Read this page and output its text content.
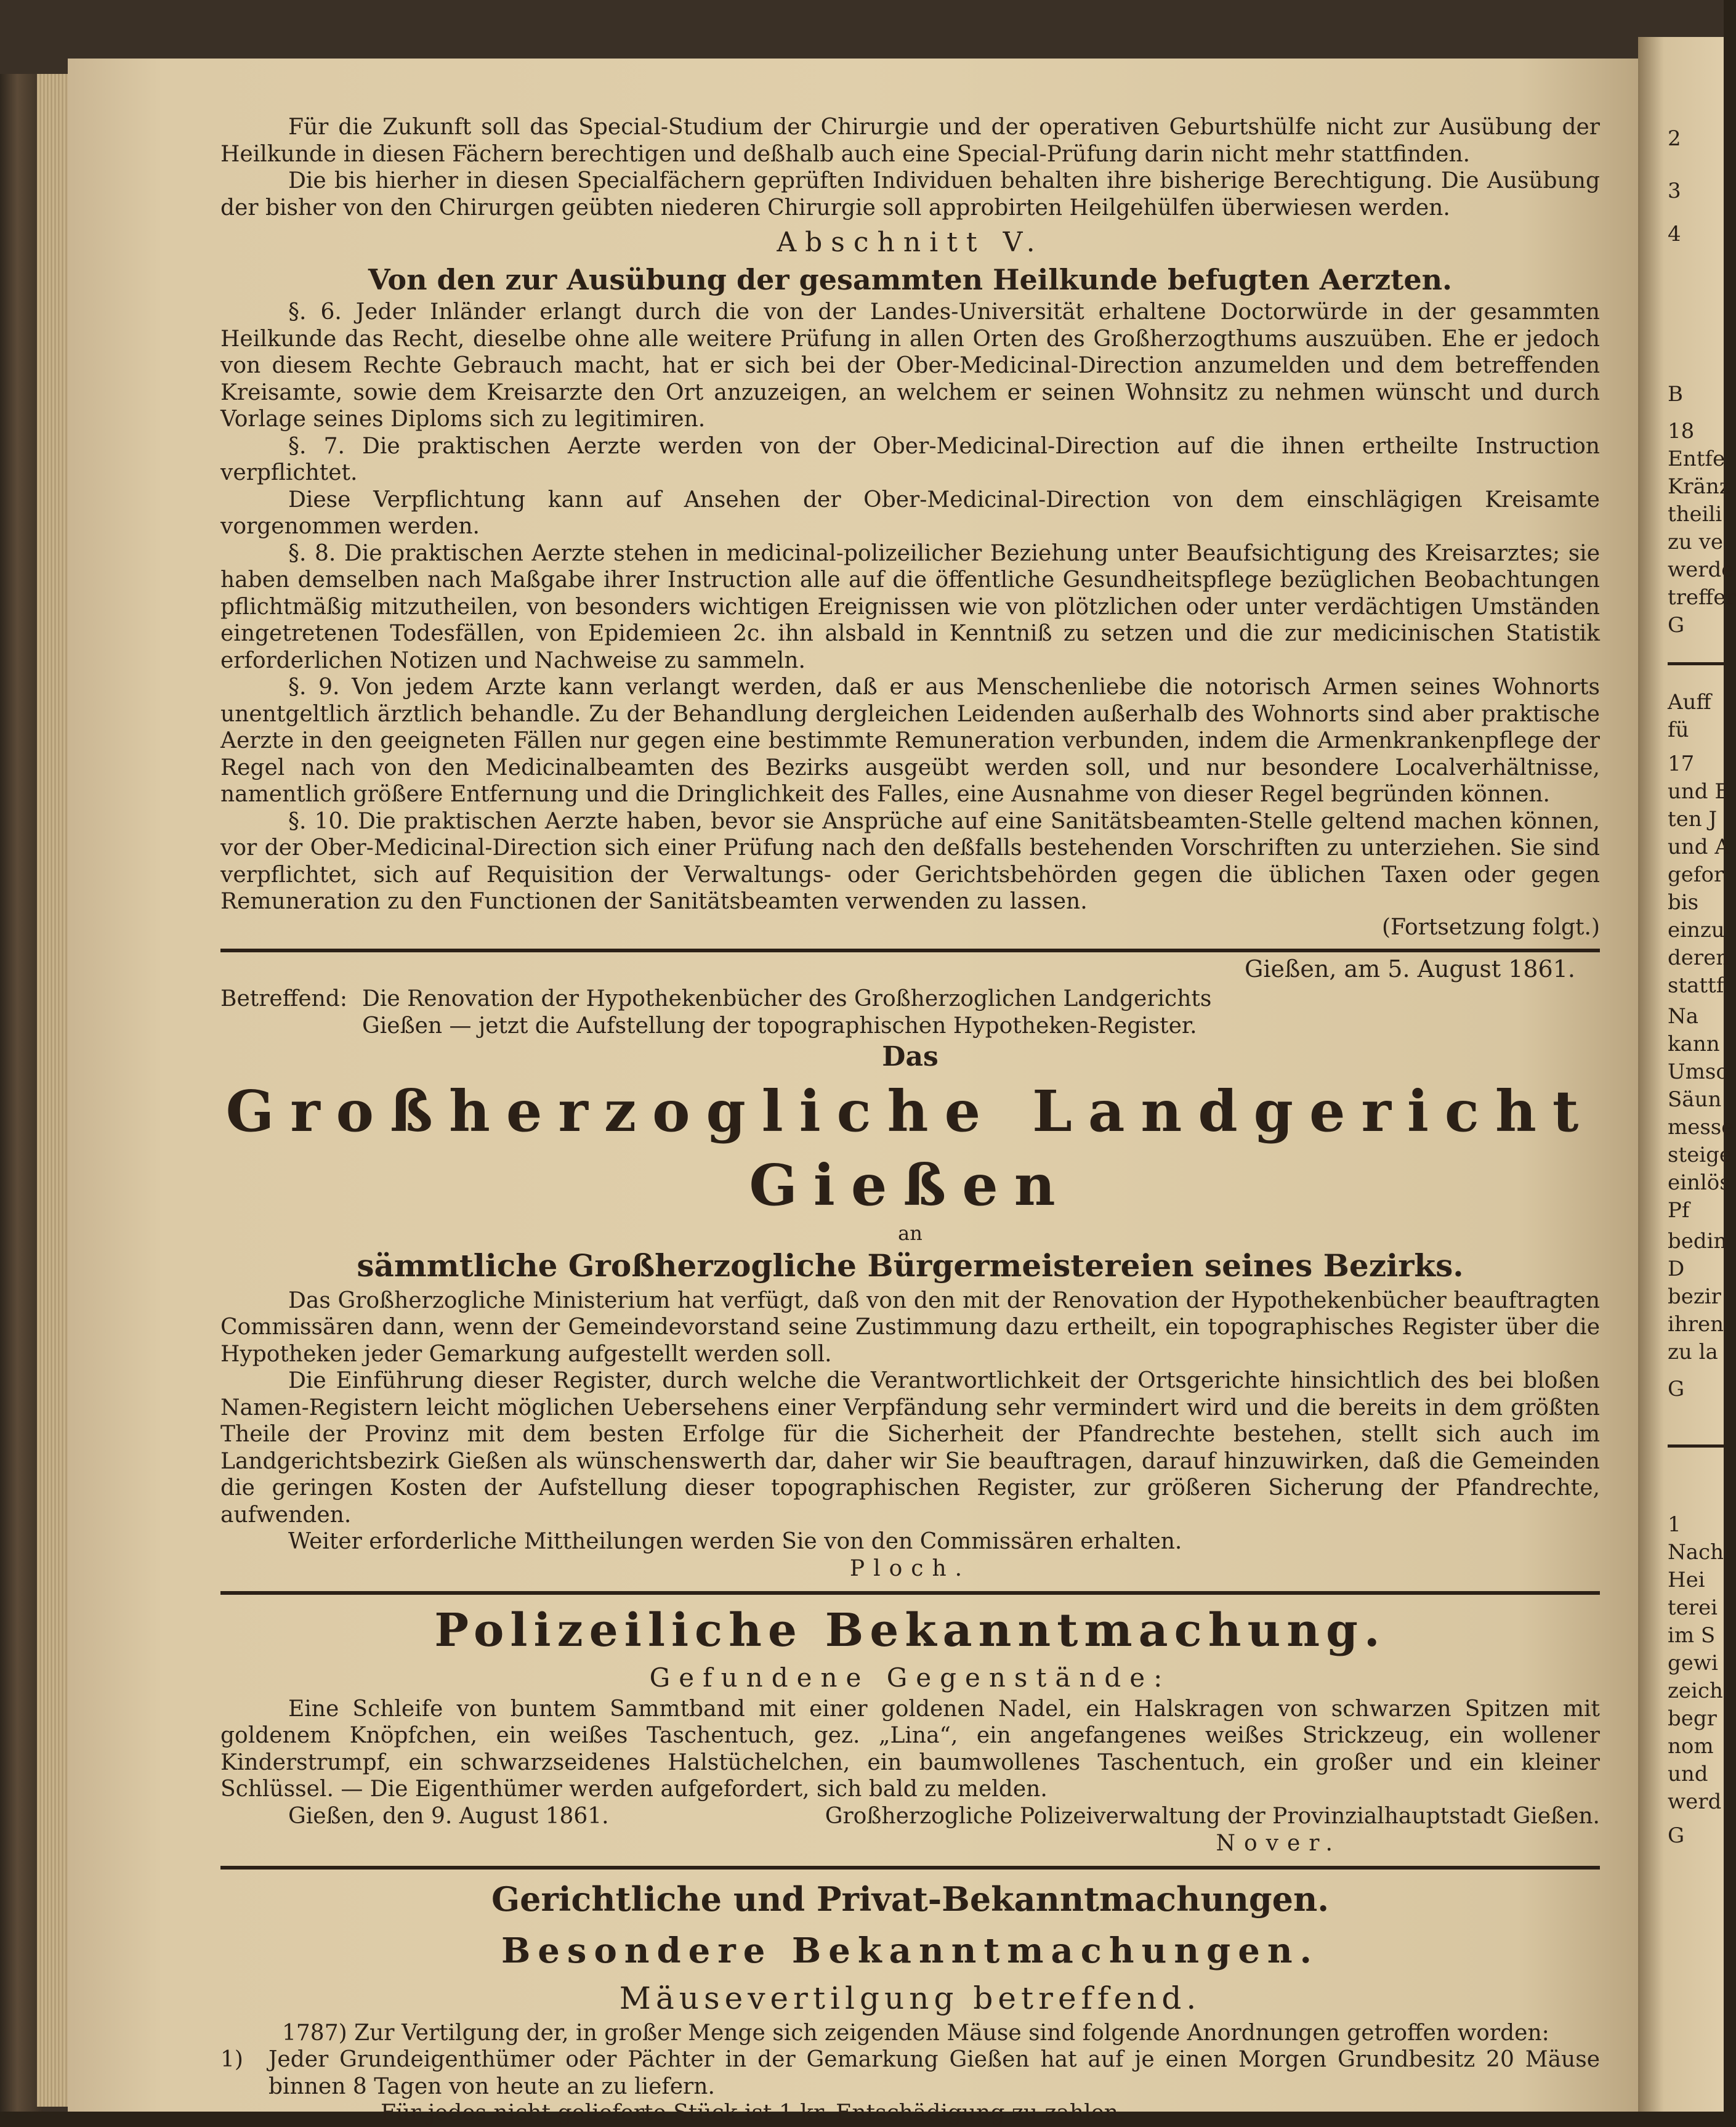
2
3
4
B
18
Entfe
Kränz
theili
zu ve
werde
treffer
G
Auff
fü
17
und E
ten J
und A
gefor
bis
einzu
deren
stattf
Na
kann
Umsc
Säun
messe
steige
einlös
Pf
bedin
D
bezir
ihren
zu la
G
1
Nach
Hei
terei
im S
gewi
zeich
begr
nom
und
werd
G

Für die Zukunft soll das Special-Studium der Chirurgie und der operativen Geburtshülfe nicht zur Ausübung der Heilkunde in diesen Fächern berechtigen und deßhalb auch eine Special-Prüfung darin nicht mehr stattfinden.

Die bis hierher in diesen Specialfächern geprüften Individuen behalten ihre bisherige Berechtigung. Die Ausübung der bisher von den Chirurgen geübten niederen Chirurgie soll approbirten Heilgehülfen überwiesen werden.

Abschnitt V.

Von den zur Ausübung der gesammten Heilkunde befugten Aerzten.

§. 6. Jeder Inländer erlangt durch die von der Landes-Universität erhaltene Doctorwürde in der gesammten Heilkunde das Recht, dieselbe ohne alle weitere Prüfung in allen Orten des Großherzogthums auszuüben. Ehe er jedoch von diesem Rechte Gebrauch macht, hat er sich bei der Ober-Medicinal-Direction anzumelden und dem betreffenden Kreisamte, sowie dem Kreisarzte den Ort anzuzeigen, an welchem er seinen Wohnsitz zu nehmen wünscht und durch Vorlage seines Diploms sich zu legitimiren.

§. 7. Die praktischen Aerzte werden von der Ober-Medicinal-Direction auf die ihnen ertheilte Instruction verpflichtet.

Diese Verpflichtung kann auf Ansehen der Ober-Medicinal-Direction von dem einschlägigen Kreisamte vorgenommen werden.

§. 8. Die praktischen Aerzte stehen in medicinal-polizeilicher Beziehung unter Beaufsichtigung des Kreisarztes; sie haben demselben nach Maßgabe ihrer Instruction alle auf die öffentliche Gesundheitspflege bezüglichen Beobachtungen pflichtmäßig mitzutheilen, von besonders wichtigen Ereignissen wie von plötzlichen oder unter verdächtigen Umständen eingetretenen Todesfällen, von Epidemieen 2c. ihn alsbald in Kenntniß zu setzen und die zur medicinischen Statistik erforderlichen Notizen und Nachweise zu sammeln.

§. 9. Von jedem Arzte kann verlangt werden, daß er aus Menschenliebe die notorisch Armen seines Wohnorts unentgeltlich ärztlich behandle. Zu der Behandlung dergleichen Leidenden außerhalb des Wohnorts sind aber praktische Aerzte in den geeigneten Fällen nur gegen eine bestimmte Remuneration verbunden, indem die Armenkrankenpflege der Regel nach von den Medicinalbeamten des Bezirks ausgeübt werden soll, und nur besondere Localverhältnisse, namentlich größere Entfernung und die Dringlichkeit des Falles, eine Ausnahme von dieser Regel begründen können.

§. 10. Die praktischen Aerzte haben, bevor sie Ansprüche auf eine Sanitätsbeamten-Stelle geltend machen können, vor der Ober-Medicinal-Direction sich einer Prüfung nach den deßfalls bestehenden Vorschriften zu unterziehen. Sie sind verpflichtet, sich auf Requisition der Verwaltungs- oder Gerichtsbehörden gegen die üblichen Taxen oder gegen Remuneration zu den Functionen der Sanitätsbeamten verwenden zu lassen.

(Fortsetzung folgt.)
Gießen, am 5. August 1861.
Betreffend: Die Renovation der Hypothekenbücher des Großherzoglichen Landgerichts Gießen — jetzt die Aufstellung der topographischen Hypotheken-Register.

Das

Großherzogliche Landgericht Gießen

an

sämmtliche Großherzogliche Bürgermeistereien seines Bezirks.

Das Großherzogliche Ministerium hat verfügt, daß von den mit der Renovation der Hypothekenbücher beauftragten Commissären dann, wenn der Gemeindevorstand seine Zustimmung dazu ertheilt, ein topographisches Register über die Hypotheken jeder Gemarkung aufgestellt werden soll.

Die Einführung dieser Register, durch welche die Verantwortlichkeit der Ortsgerichte hinsichtlich des bei bloßen Namen-Registern leicht möglichen Uebersehens einer Verpfändung sehr vermindert wird und die bereits in dem größten Theile der Provinz mit dem besten Erfolge für die Sicherheit der Pfandrechte bestehen, stellt sich auch im Landgerichtsbezirk Gießen als wünschenswerth dar, daher wir Sie beauftragen, darauf hinzuwirken, daß die Gemeinden die geringen Kosten der Aufstellung dieser topographischen Register, zur größeren Sicherung der Pfandrechte, aufwenden.

Weiter erforderliche Mittheilungen werden Sie von den Commissären erhalten.

Ploch.

Polizeiliche Bekanntmachung.

Gefundene Gegenstände:

Eine Schleife von buntem Sammtband mit einer goldenen Nadel, ein Halskragen von schwarzen Spitzen mit goldenem Knöpfchen, ein weißes Taschentuch, gez. „Lina“, ein angefangenes weißes Strickzeug, ein wollener Kinderstrumpf, ein schwarzseidenes Halstüchelchen, ein baumwollenes Taschentuch, ein großer und ein kleiner Schlüssel. — Die Eigenthümer werden aufgefordert, sich bald zu melden.

Gießen, den 9. August 1861.	Großherzogliche Polizeiverwaltung der Provinzialhauptstadt Gießen.
Nover.

Gerichtliche und Privat-Bekanntmachungen.

Besondere Bekanntmachungen.

Mäusevertilgung betreffend.

1787) Zur Vertilgung der, in großer Menge sich zeigenden Mäuse sind folgende Anordnungen getroffen worden:

1)	Jeder Grundeigenthümer oder Pächter in der Gemarkung Gießen hat auf je einen Morgen Grundbesitz 20 Mäuse binnen 8 Tagen von heute an zu liefern.

Für jedes nicht gelieferte Stück ist 1 kr. Entschädigung zu zahlen.
